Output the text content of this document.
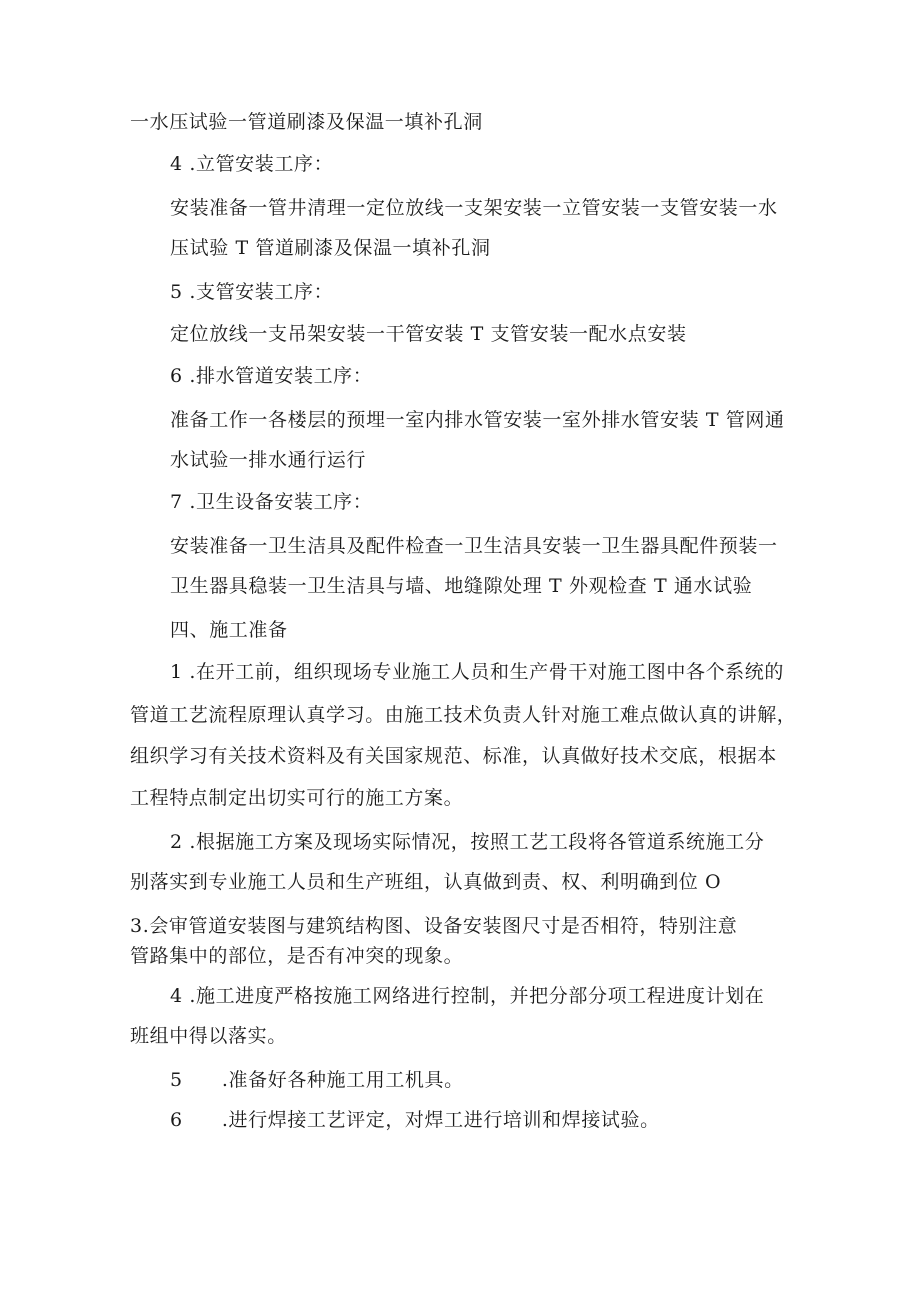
一水压试验一管道刷漆及保温一填补孔洞
4 .立管安装工序：
安装准备一管井清理一定位放线一支架安装一立管安装一支管安装一水
压试验 T 管道刷漆及保温一填补孔洞
5 .支管安装工序：
定位放线一支吊架安装一干管安装 T 支管安装一配水点安装
6 .排水管道安装工序：
准备工作一各楼层的预埋一室内排水管安装一室外排水管安装 T 管网通
水试验一排水通行运行
7 .卫生设备安装工序：
安装准备一卫生洁具及配件检查一卫生洁具安装一卫生器具配件预装一
卫生器具稳装一卫生洁具与墙、地缝隙处理 T 外观检查 T 通水试验
四、施工准备
1 .在开工前，组织现场专业施工人员和生产骨干对施工图中各个系统的
管道工艺流程原理认真学习。由施工技术负责人针对施工难点做认真的讲解，
组织学习有关技术资料及有关国家规范、标准，认真做好技术交底，根据本
工程特点制定出切实可行的施工方案。
2 .根据施工方案及现场实际情况，按照工艺工段将各管道系统施工分
别落实到专业施工人员和生产班组，认真做到责、权、利明确到位 O
3.会审管道安装图与建筑结构图、设备安装图尺寸是否相符，特别注意
管路集中的部位，是否有冲突的现象。
4 .施工进度严格按施工网络进行控制，并把分部分项工程进度计划在
班组中得以落实。
5　　.准备好各种施工用工机具。
6　　.进行焊接工艺评定，对焊工进行培训和焊接试验。
